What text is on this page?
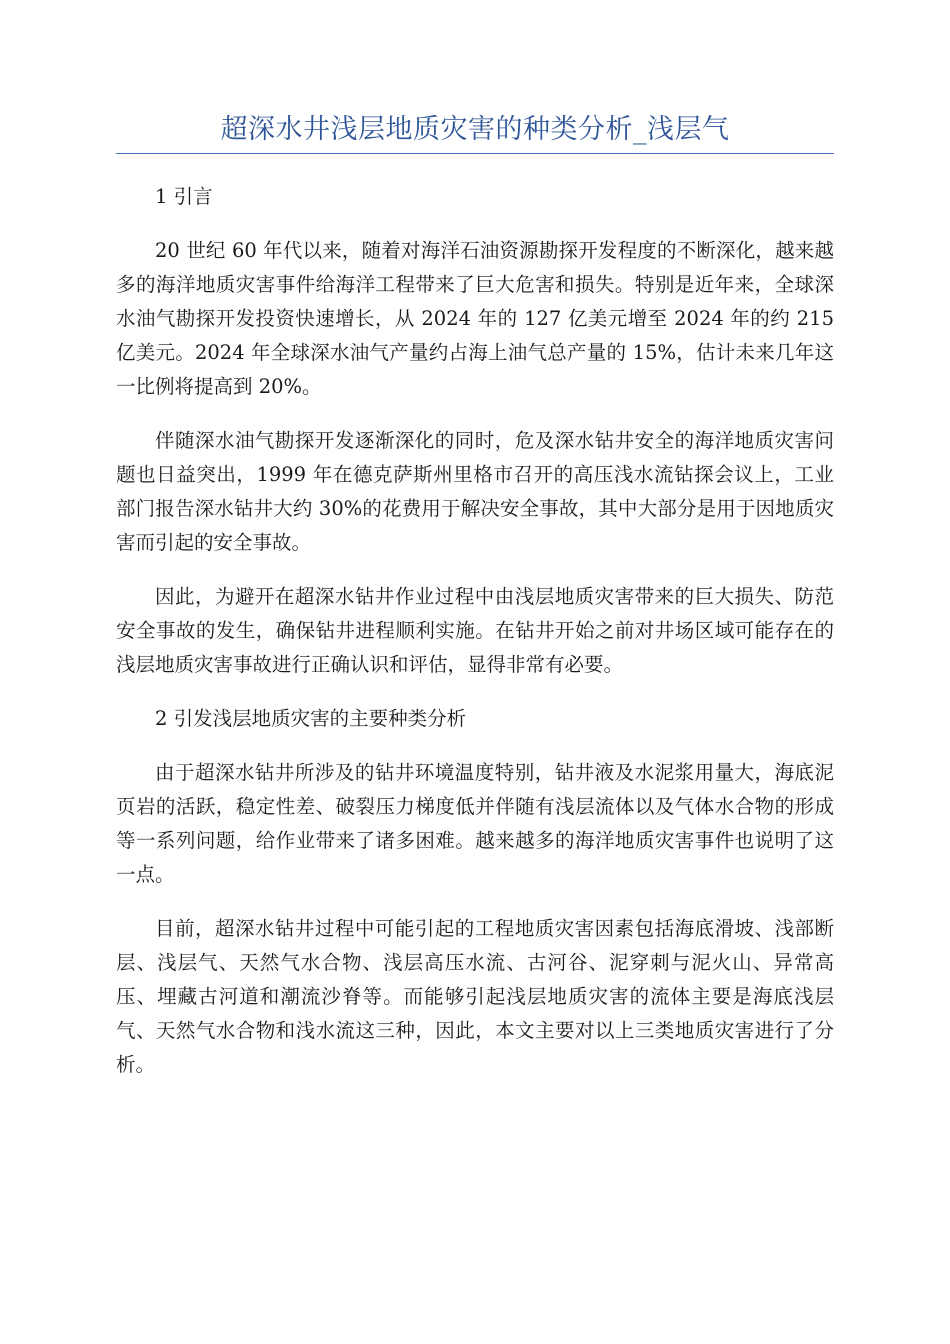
超深水井浅层地质灾害的种类分析_浅层气

1 引言

20 世纪 60 年代以来，随着对海洋石油资源勘探开发程度的不断深化，越来越多的海洋地质灾害事件给海洋工程带来了巨大危害和损失。特别是近年来，全球深水油气勘探开发投资快速增长，从 2024 年的 127 亿美元增至 2024 年的约 215 亿美元。2024 年全球深水油气产量约占海上油气总产量的 15%，估计未来几年这一比例将提高到 20%。

伴随深水油气勘探开发逐渐深化的同时，危及深水钻井安全的海洋地质灾害问题也日益突出，1999 年在德克萨斯州里格市召开的高压浅水流钻探会议上，工业部门报告深水钻井大约 30%的花费用于解决安全事故，其中大部分是用于因地质灾害而引起的安全事故。

因此，为避开在超深水钻井作业过程中由浅层地质灾害带来的巨大损失、防范安全事故的发生，确保钻井进程顺利实施。在钻井开始之前对井场区域可能存在的浅层地质灾害事故进行正确认识和评估，显得非常有必要。

2 引发浅层地质灾害的主要种类分析

由于超深水钻井所涉及的钻井环境温度特别，钻井液及水泥浆用量大，海底泥页岩的活跃，稳定性差、破裂压力梯度低并伴随有浅层流体以及气体水合物的形成等一系列问题，给作业带来了诸多困难。越来越多的海洋地质灾害事件也说明了这一点。

目前，超深水钻井过程中可能引起的工程地质灾害因素包括海底滑坡、浅部断层、浅层气、天然气水合物、浅层高压水流、古河谷、泥穿刺与泥火山、异常高压、埋藏古河道和潮流沙脊等。而能够引起浅层地质灾害的流体主要是海底浅层气、天然气水合物和浅水流这三种，因此，本文主要对以上三类地质灾害进行了分析。
